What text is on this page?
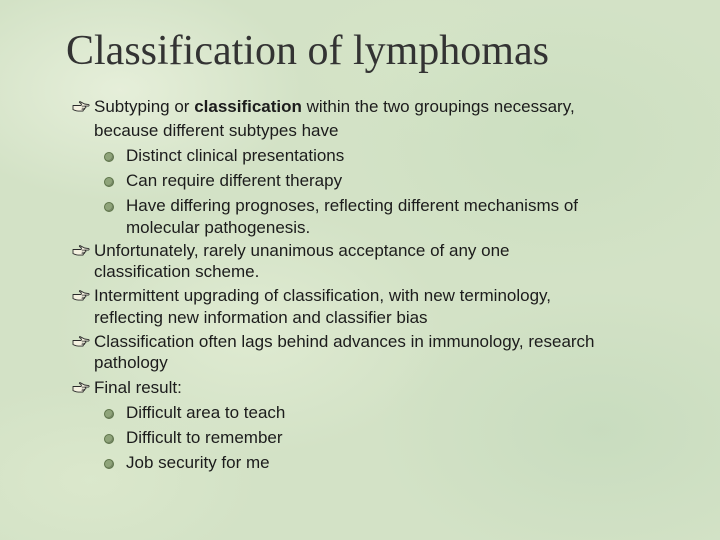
Classification of lymphomas
Subtyping or classification within the two groupings necessary,
because different subtypes have
Distinct clinical presentations
Can require different therapy
Have differing prognoses, reflecting different mechanisms of
molecular pathogenesis.
Unfortunately, rarely unanimous acceptance of any one
classification scheme.
Intermittent upgrading of classification, with new terminology,
reflecting new information and classifier bias
Classification often lags behind advances in immunology, research
pathology
Final result:
Difficult area to teach
Difficult to remember
Job security for me
